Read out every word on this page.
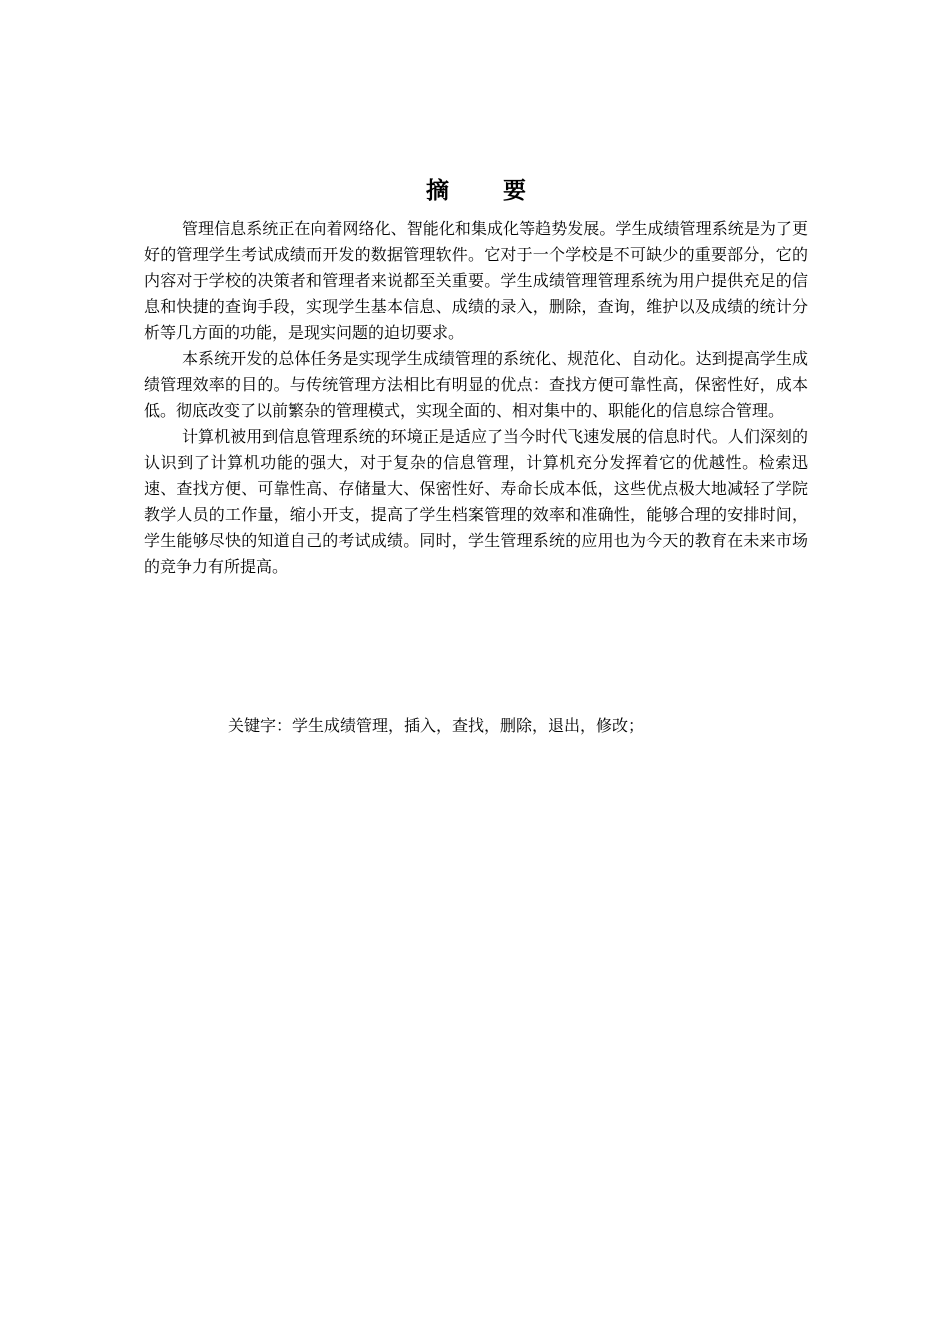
摘 要

管理信息系统正在向着网络化、智能化和集成化等趋势发展。学生成绩管理系统是为了更好的管理学生考试成绩而开发的数据管理软件。它对于一个学校是不可缺少的重要部分，它的内容对于学校的决策者和管理者来说都至关重要。学生成绩管理管理系统为用户提供充足的信息和快捷的查询手段，实现学生基本信息、成绩的录入，删除，查询，维护以及成绩的统计分析等几方面的功能，是现实问题的迫切要求。

本系统开发的总体任务是实现学生成绩管理的系统化、规范化、自动化。达到提高学生成绩管理效率的目的。与传统管理方法相比有明显的优点：查找方便可靠性高，保密性好，成本低。彻底改变了以前繁杂的管理模式，实现全面的、相对集中的、职能化的信息综合管理。

计算机被用到信息管理系统的环境正是适应了当今时代飞速发展的信息时代。人们深刻的认识到了计算机功能的强大，对于复杂的信息管理，计算机充分发挥着它的优越性。检索迅速、查找方便、可靠性高、存储量大、保密性好、寿命长成本低，这些优点极大地减轻了学院教学人员的工作量，缩小开支，提高了学生档案管理的效率和准确性，能够合理的安排时间，学生能够尽快的知道自己的考试成绩。同时，学生管理系统的应用也为今天的教育在未来市场的竞争力有所提高。

关键字：学生成绩管理，插入，查找，删除，退出，修改；
